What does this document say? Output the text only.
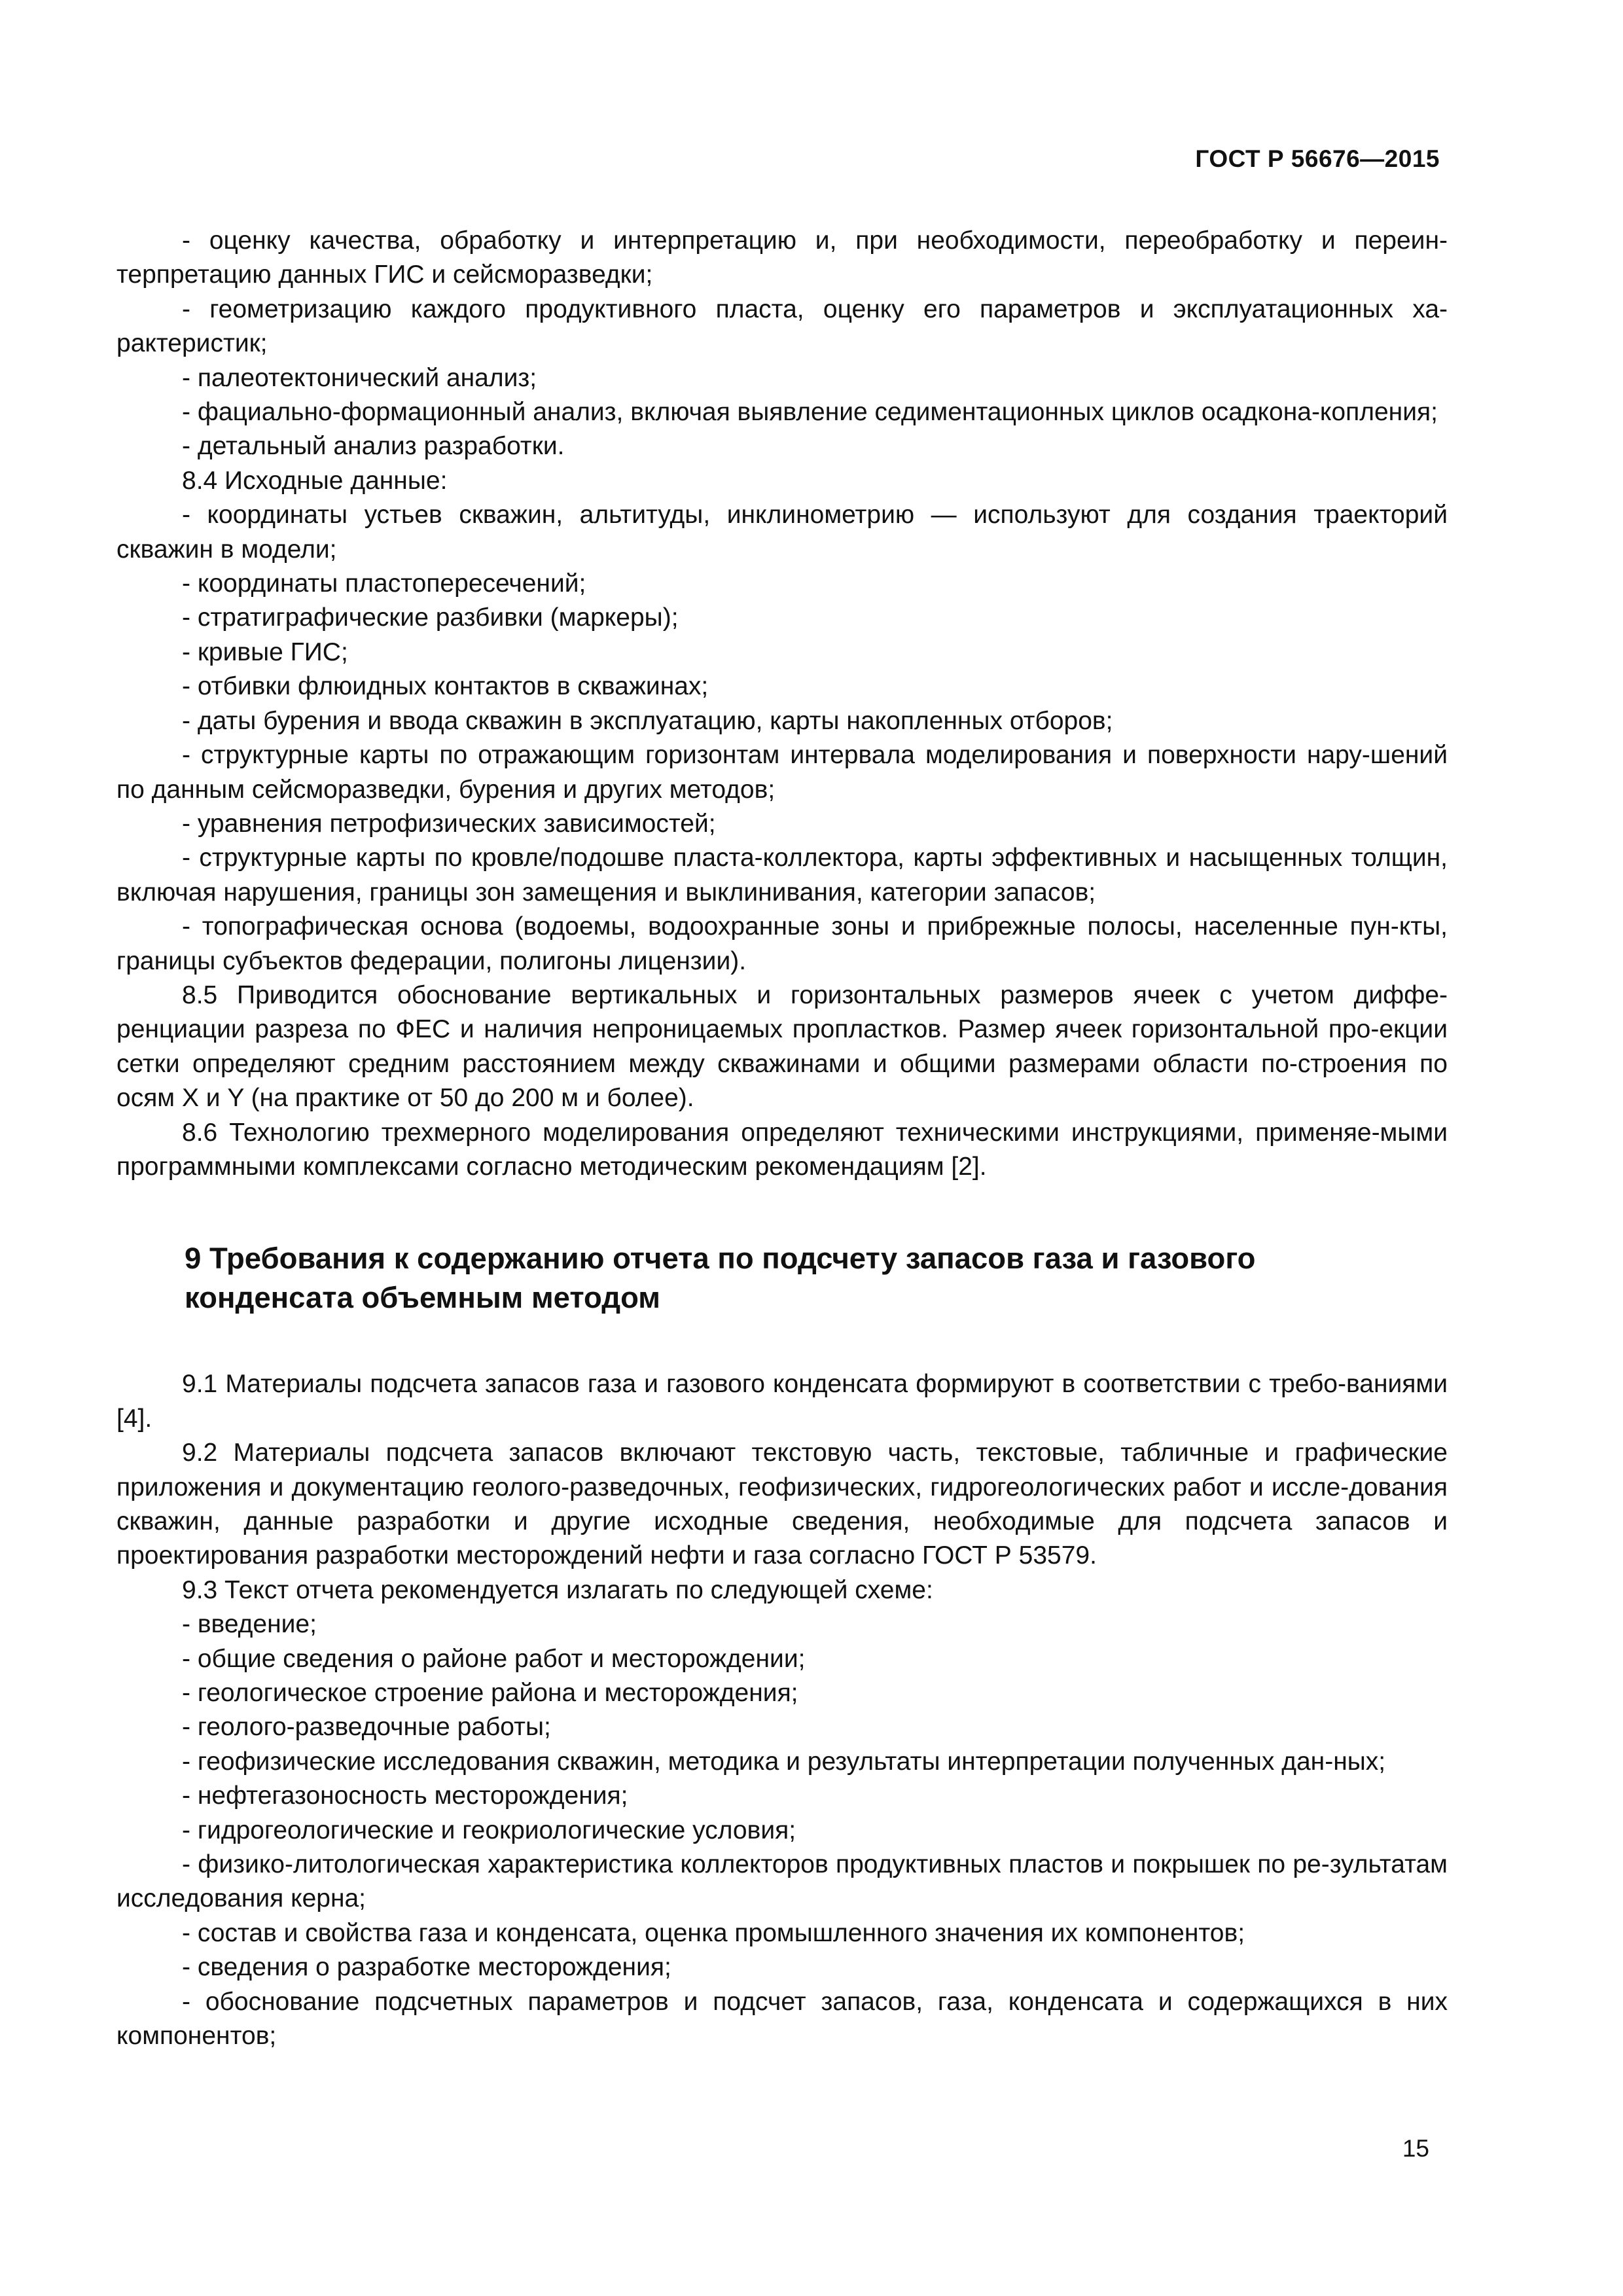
ГОСТ Р 56676—2015

- оценку качества, обработку и интерпретацию и, при необходимости, переобработку и переин-терпретацию данных ГИС и сейсморазведки;

- геометризацию каждого продуктивного пласта, оценку его параметров и эксплуатационных ха-рактеристик;

- палеотектонический анализ;

- фациально-формационный анализ, включая выявление седиментационных циклов осадкона-копления;

- детальный анализ разработки.

8.4 Исходные данные:

- координаты устьев скважин, альтитуды, инклинометрию — используют для создания траекторий скважин в модели;

- координаты пластопересечений;

- стратиграфические разбивки (маркеры);

- кривые ГИС;

- отбивки флюидных контактов в скважинах;

- даты бурения и ввода скважин в эксплуатацию, карты накопленных отборов;

- структурные карты по отражающим горизонтам интервала моделирования и поверхности нару-шений по данным сейсморазведки, бурения и других методов;

- уравнения петрофизических зависимостей;

- структурные карты по кровле/подошве пласта-коллектора, карты эффективных и насыщенных толщин, включая нарушения, границы зон замещения и выклинивания, категории запасов;

- топографическая основа (водоемы, водоохранные зоны и прибрежные полосы, населенные пун-кты, границы субъектов федерации, полигоны лицензии).

8.5 Приводится обоснование вертикальных и горизонтальных размеров ячеек с учетом диффе-ренциации разреза по ФЕС и наличия непроницаемых пропластков. Размер ячеек горизонтальной про-екции сетки определяют средним расстоянием между скважинами и общими размерами области по-строения по осям X и Y (на практике от 50 до 200 м и более).

8.6 Технологию трехмерного моделирования определяют техническими инструкциями, применяе-мыми программными комплексами согласно методическим рекомендациям [2].

9 Требования к содержанию отчета по подсчету запасов газа и газового конденсата объемным методом

9.1 Материалы подсчета запасов газа и газового конденсата формируют в соответствии с требо-ваниями [4].

9.2 Материалы подсчета запасов включают текстовую часть, текстовые, табличные и графические приложения и документацию геолого-разведочных, геофизических, гидрогеологических работ и иссле-дования скважин, данные разработки и другие исходные сведения, необходимые для подсчета запасов и проектирования разработки месторождений нефти и газа согласно ГОСТ Р 53579.

9.3 Текст отчета рекомендуется излагать по следующей схеме:

- введение;

- общие сведения о районе работ и месторождении;

- геологическое строение района и месторождения;

- геолого-разведочные работы;

- геофизические исследования скважин, методика и результаты интерпретации полученных дан-ных;

- нефтегазоносность месторождения;

- гидрогеологические и геокриологические условия;

- физико-литологическая характеристика коллекторов продуктивных пластов и покрышек по ре-зультатам исследования керна;

- состав и свойства газа и конденсата, оценка промышленного значения их компонентов;

- сведения о разработке месторождения;

- обоснование подсчетных параметров и подсчет запасов, газа, конденсата и содержащихся в них компонентов;

15
